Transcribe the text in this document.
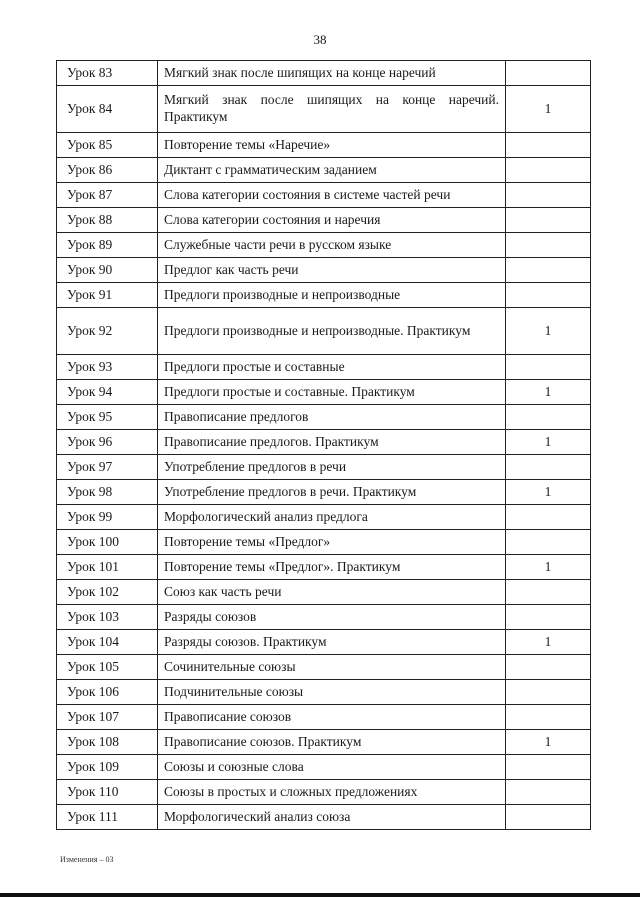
38
Урок 83	Мягкий знак после шипящих на конце наречий	
Урок 84	Мягкий знак после шипящих на конце наречий. Практикум	1
Урок 85	Повторение темы «Наречие»	
Урок 86	Диктант с грамматическим заданием	
Урок 87	Слова категории состояния в системе частей речи	
Урок 88	Слова категории состояния и наречия	
Урок 89	Служебные части речи в русском языке	
Урок 90	Предлог как часть речи	
Урок 91	Предлоги производные и непроизводные	
Урок 92	Предлоги производные и непроизводные. Практикум	1
Урок 93	Предлоги простые и составные	
Урок 94	Предлоги простые и составные. Практикум	1
Урок 95	Правописание предлогов	
Урок 96	Правописание предлогов. Практикум	1
Урок 97	Употребление предлогов в речи	
Урок 98	Употребление предлогов в речи. Практикум	1
Урок 99	Морфологический анализ предлога	
Урок 100	Повторение темы «Предлог»	
Урок 101	Повторение темы «Предлог». Практикум	1
Урок 102	Союз как часть речи	
Урок 103	Разряды союзов	
Урок 104	Разряды союзов. Практикум	1
Урок 105	Сочинительные союзы	
Урок 106	Подчинительные союзы	
Урок 107	Правописание союзов	
Урок 108	Правописание союзов. Практикум	1
Урок 109	Союзы и союзные слова	
Урок 110	Союзы в простых и сложных предложениях	
Урок 111	Морфологический анализ союза	
Изменения – 03
